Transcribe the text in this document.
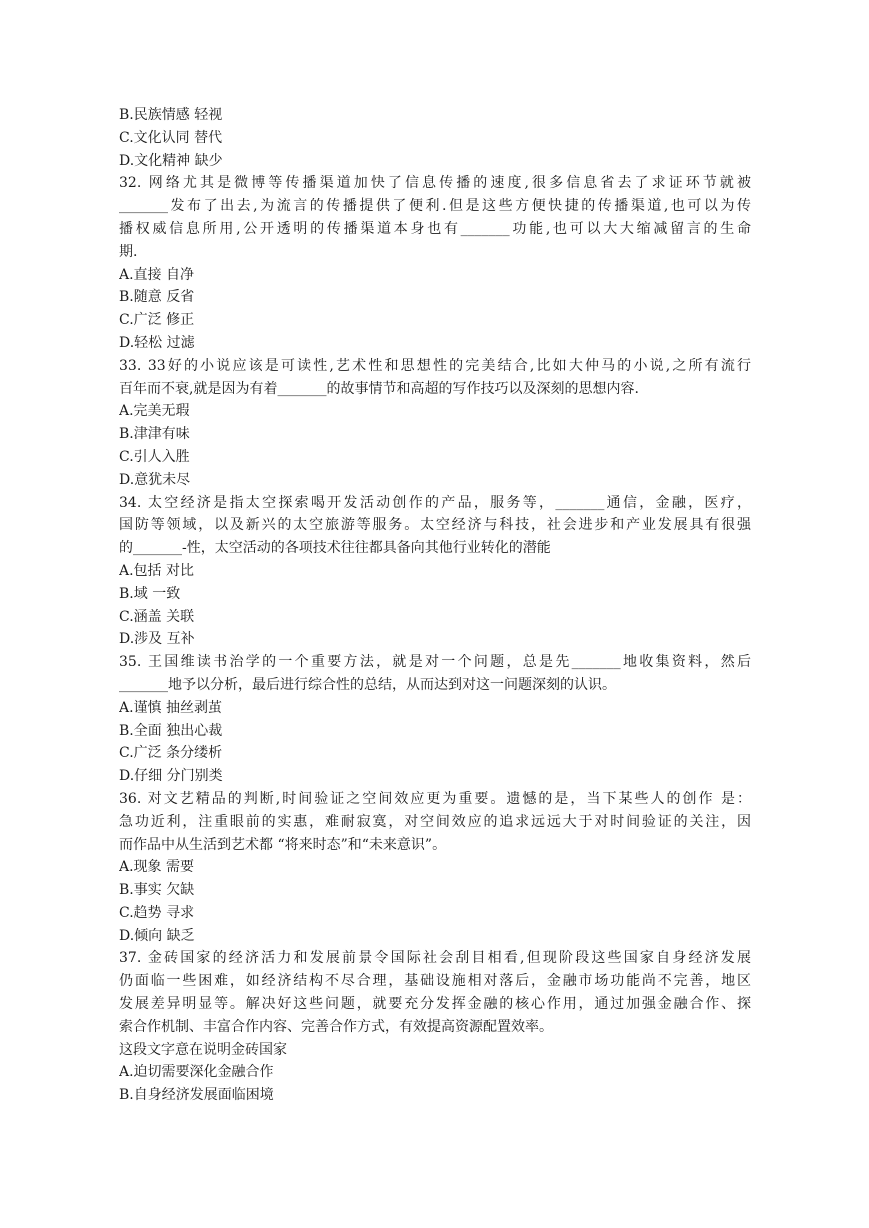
B.民族情感 轻视
C.文化认同 替代
D.文化精神 缺少
32. 网络尤其是微博等传播渠道加快了信息传播的速度,很多信息省去了求证环节就被
_______发布了出去,为流言的传播提供了便利.但是这些方便快捷的传播渠道,也可以为传
播权威信息所用,公开透明的传播渠道本身也有_______功能,也可以大大缩减留言的生命
期.
A.直接 自净
B.随意 反省
C.广泛 修正
D.轻松 过滤
33. 33好的小说应该是可读性,艺术性和思想性的完美结合,比如大仲马的小说,之所有流行
百年而不衰,就是因为有着_______的故事情节和高超的写作技巧以及深刻的思想内容.
A.完美无瑕
B.津津有味
C.引人入胜
D.意犹未尽
34. 太空经济是指太空探索喝开发活动创作的产品，服务等，_______通信，金融，医疗，
国防等领域，以及新兴的太空旅游等服务。太空经济与科技，社会进步和产业发展具有很强
的_______-性，太空活动的各项技术往往都具备向其他行业转化的潜能
A.包括 对比
B.域 一致
C.涵盖 关联
D.涉及 互补
35. 王国维读书治学的一个重要方法，就是对一个问题，总是先_______地收集资料，然后
_______地予以分析，最后进行综合性的总结，从而达到对这一问题深刻的认识。
A.谨慎 抽丝剥茧
B.全面 独出心裁
C.广泛 条分缕析
D.仔细 分门别类
36. 对文艺精品的判断,时间验证之空间效应更为重要。遗憾的是，当下某些人的创作 是：
急功近利，注重眼前的实惠，难耐寂寞，对空间效应的追求远远大于对时间验证的关注，因
而作品中从生活到艺术都 “将来时态”和“未来意识”。
A.现象 需要
B.事实 欠缺
C.趋势 寻求
D.倾向 缺乏
37. 金砖国家的经济活力和发展前景令国际社会刮目相看,但现阶段这些国家自身经济发展
仍面临一些困难，如经济结构不尽合理，基础设施相对落后，金融市场功能尚不完善，地区
发展差异明显等。解决好这些问题，就要充分发挥金融的核心作用，通过加强金融合作、探
索合作机制、丰富合作内容、完善合作方式，有效提高资源配置效率。
这段文字意在说明金砖国家
A.迫切需要深化金融合作
B.自身经济发展面临困境
